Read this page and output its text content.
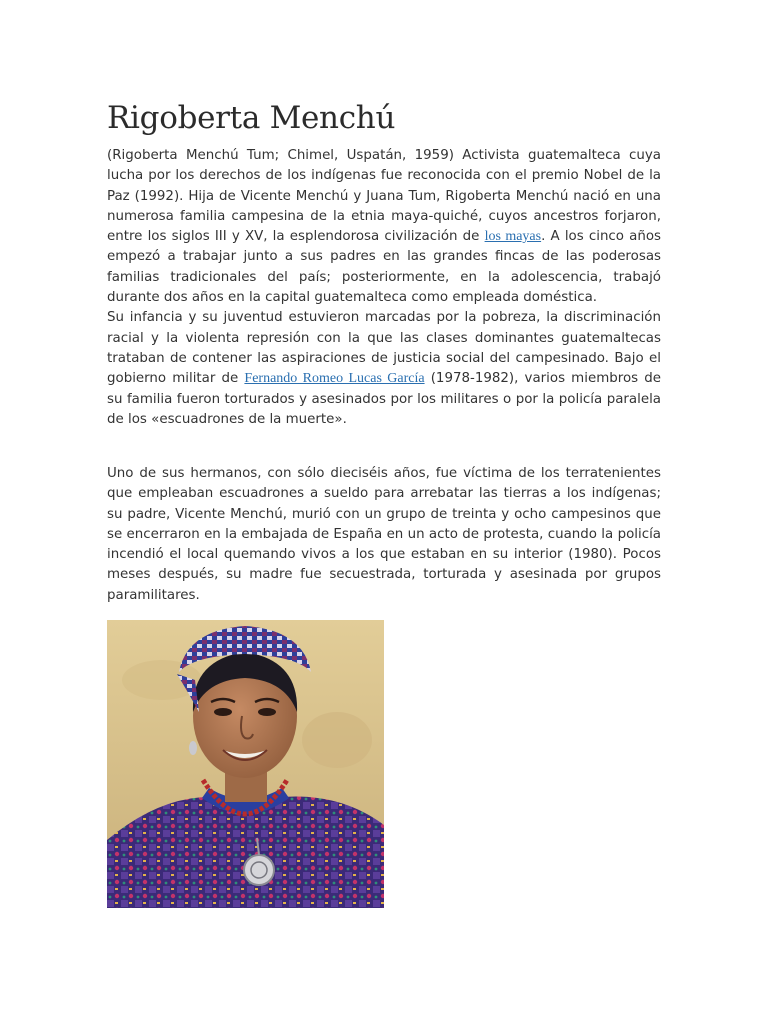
Rigoberta Menchú

(Rigoberta Menchú Tum; Chimel, Uspatán, 1959) Activista guatemalteca cuya lucha por los derechos de los indígenas fue reconocida con el premio Nobel de la Paz (1992). Hija de Vicente Menchú y Juana Tum, Rigoberta Menchú nació en una numerosa familia campesina de la etnia maya-quiché, cuyos ancestros forjaron, entre los siglos III y XV, la esplendorosa civilización de los mayas. A los cinco años empezó a trabajar junto a sus padres en las grandes fincas de las poderosas familias tradicionales del país; posteriormente, en la adolescencia, trabajó durante dos años en la capital guatemalteca como empleada doméstica.

Su infancia y su juventud estuvieron marcadas por la pobreza, la discriminación racial y la violenta represión con la que las clases dominantes guatemaltecas trataban de contener las aspiraciones de justicia social del campesinado. Bajo el gobierno militar de Fernando Romeo Lucas García (1978-1982), varios miembros de su familia fueron torturados y asesinados por los militares o por la policía paralela de los «escuadrones de la muerte».

Uno de sus hermanos, con sólo dieciséis años, fue víctima de los terratenientes que empleaban escuadrones a sueldo para arrebatar las tierras a los indígenas; su padre, Vicente Menchú, murió con un grupo de treinta y ocho campesinos que se encerraron en la embajada de España en un acto de protesta, cuando la policía incendió el local quemando vivos a los que estaban en su interior (1980). Pocos meses después, su madre fue secuestrada, torturada y asesinada por grupos paramilitares.
